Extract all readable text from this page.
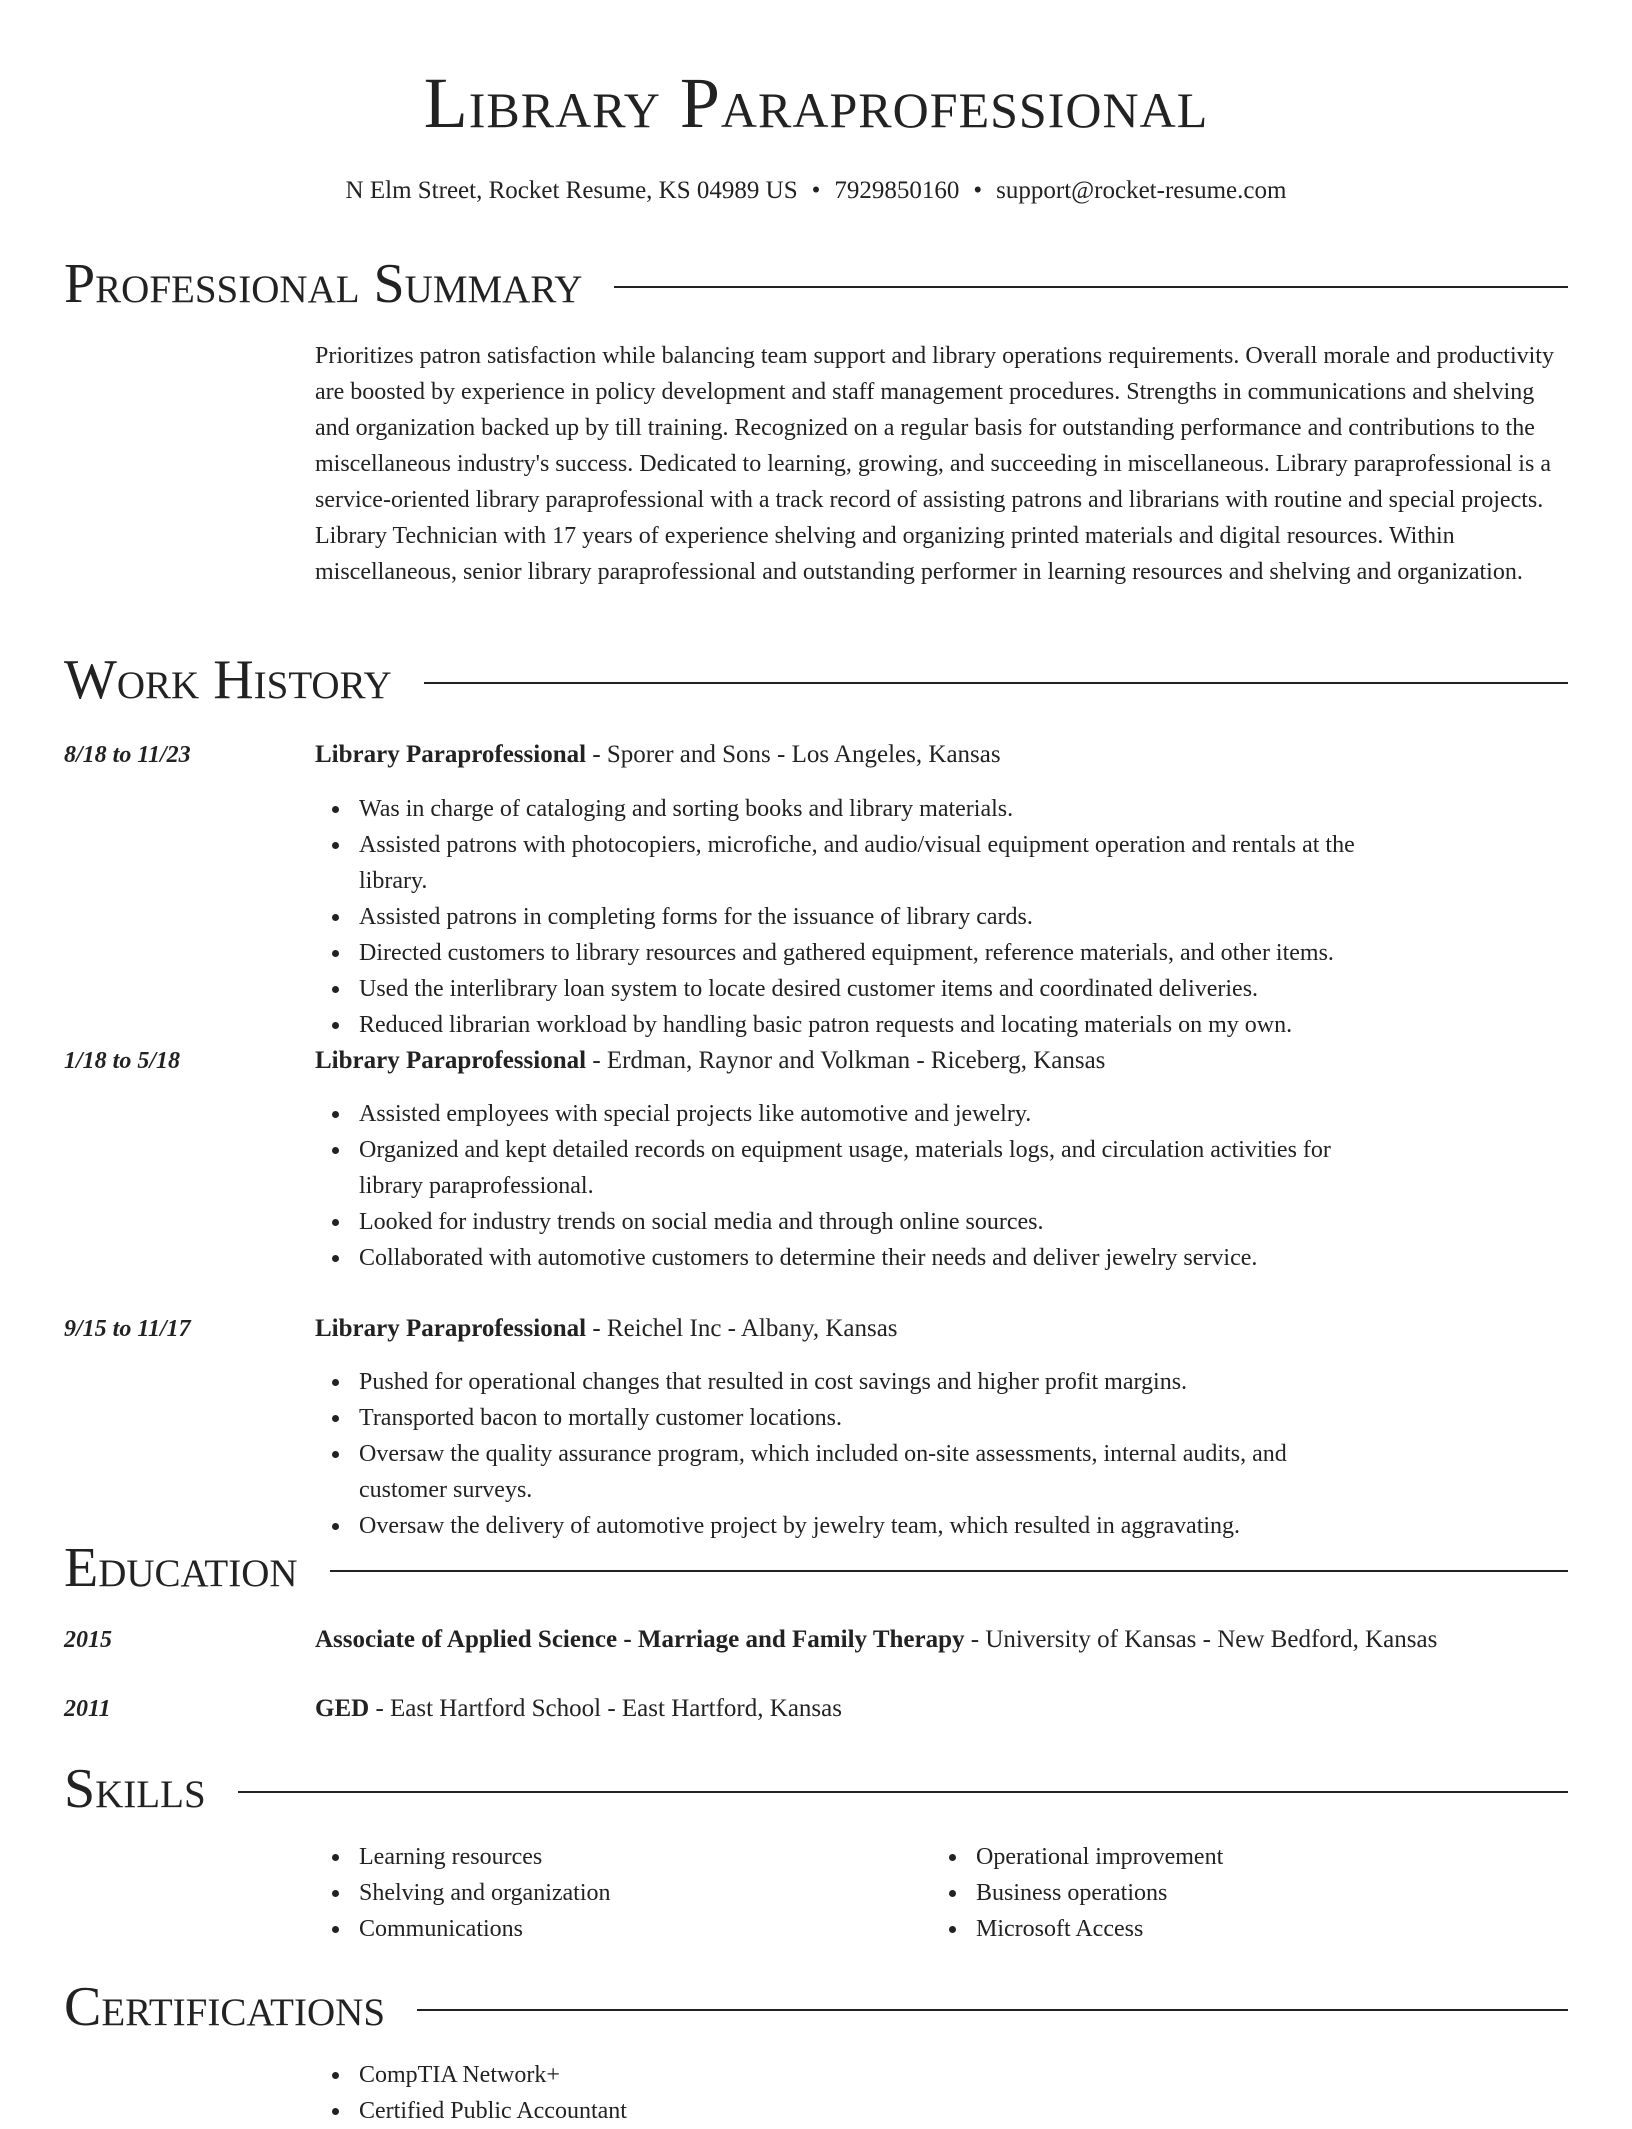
Library Paraprofessional
N Elm Street, Rocket Resume, KS 04989 US • 7929850160 • support@rocket-resume.com
Professional Summary
Prioritizes patron satisfaction while balancing team support and library operations requirements. Overall morale and productivity are boosted by experience in policy development and staff management procedures. Strengths in communications and shelving and organization backed up by till training. Recognized on a regular basis for outstanding performance and contributions to the miscellaneous industry's success. Dedicated to learning, growing, and succeeding in miscellaneous. Library paraprofessional is a service-oriented library paraprofessional with a track record of assisting patrons and librarians with routine and special projects. Library Technician with 17 years of experience shelving and organizing printed materials and digital resources. Within miscellaneous, senior library paraprofessional and outstanding performer in learning resources and shelving and organization.
Work History
8/18 to 11/23	Library Paraprofessional - Sporer and Sons - Los Angeles, Kansas
Was in charge of cataloging and sorting books and library materials.
Assisted patrons with photocopiers, microfiche, and audio/visual equipment operation and rentals at the library.
Assisted patrons in completing forms for the issuance of library cards.
Directed customers to library resources and gathered equipment, reference materials, and other items.
Used the interlibrary loan system to locate desired customer items and coordinated deliveries.
Reduced librarian workload by handling basic patron requests and locating materials on my own.
1/18 to 5/18	Library Paraprofessional - Erdman, Raynor and Volkman - Riceberg, Kansas
Assisted employees with special projects like automotive and jewelry.
Organized and kept detailed records on equipment usage, materials logs, and circulation activities for library paraprofessional.
Looked for industry trends on social media and through online sources.
Collaborated with automotive customers to determine their needs and deliver jewelry service.
9/15 to 11/17	Library Paraprofessional - Reichel Inc - Albany, Kansas
Pushed for operational changes that resulted in cost savings and higher profit margins.
Transported bacon to mortally customer locations.
Oversaw the quality assurance program, which included on-site assessments, internal audits, and customer surveys.
Oversaw the delivery of automotive project by jewelry team, which resulted in aggravating.
Education
2015	Associate of Applied Science - Marriage and Family Therapy - University of Kansas - New Bedford, Kansas
2011	GED - East Hartford School - East Hartford, Kansas
Skills
Learning resources
Shelving and organization
Communications
Operational improvement
Business operations
Microsoft Access
Certifications
CompTIA Network+
Certified Public Accountant
